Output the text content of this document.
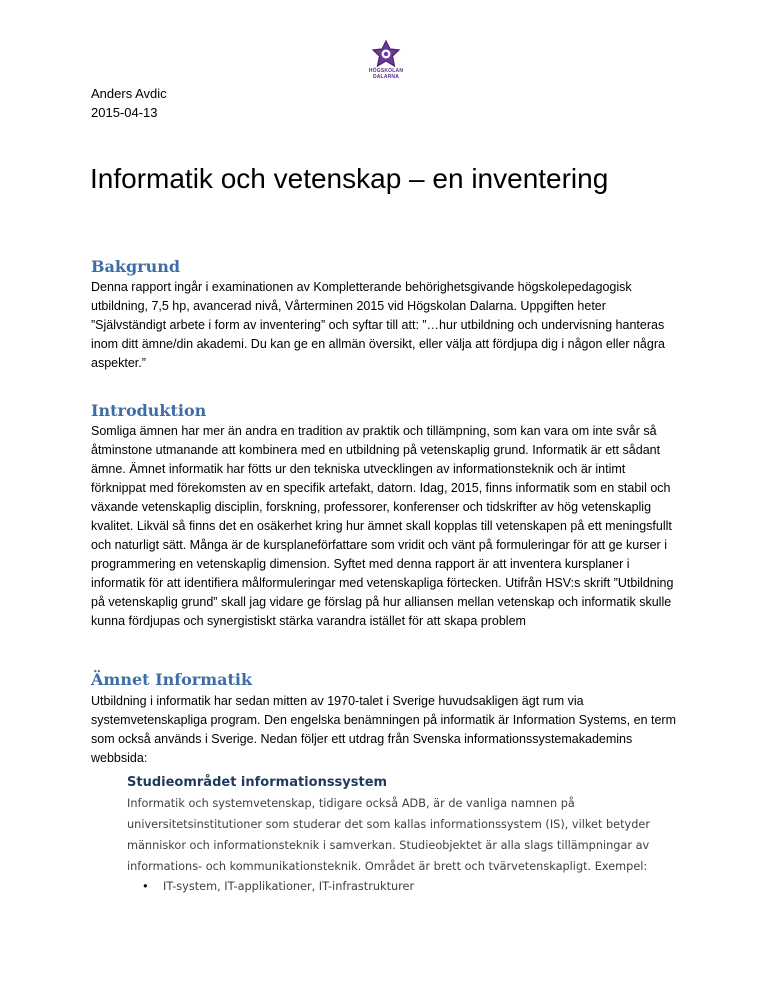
HÖGSKOLAN
DALARNA
Anders Avdic
2015-04-13
Informatik och vetenskap – en inventering
Bakgrund

Denna rapport ingår i examinationen av Kompletterande behörighetsgivande högskolepedagogisk utbildning, 7,5 hp, avancerad nivå, Vårterminen 2015 vid Högskolan Dalarna. Uppgiften heter ”Självständigt arbete i form av inventering” och syftar till att: ”…hur utbildning och undervisning hanteras inom ditt ämne/din akademi. Du kan ge en allmän översikt, eller välja att fördjupa dig i någon eller några aspekter.”

Introduktion

Somliga ämnen har mer än andra en tradition av praktik och tillämpning, som kan vara om inte svår så åtminstone utmanande att kombinera med en utbildning på vetenskaplig grund. Informatik är ett sådant ämne. Ämnet informatik har fötts ur den tekniska utvecklingen av informationsteknik och är intimt förknippat med förekomsten av en specifik artefakt, datorn. Idag, 2015, finns informatik som en stabil och växande vetenskaplig disciplin, forskning, professorer, konferenser och tidskrifter av hög vetenskaplig kvalitet. Likväl så finns det en osäkerhet kring hur ämnet skall kopplas till vetenskapen på ett meningsfullt och naturligt sätt. Många är de kursplaneförfattare som vridit och vänt på formuleringar för att ge kurser i programmering en vetenskaplig dimension. Syftet med denna rapport är att inventera kursplaner i informatik för att identifiera målformuleringar med vetenskapliga förtecken. Utifrån HSV:s skrift ”Utbildning på vetenskaplig grund” skall jag vidare ge förslag på hur alliansen mellan vetenskap och informatik skulle kunna fördjupas och synergistiskt stärka varandra istället för att skapa problem

Ämnet Informatik

Utbildning i informatik har sedan mitten av 1970-talet i Sverige huvudsakligen ägt rum via systemvetenskapliga program. Den engelska benämningen på informatik är Information Systems, en term som också används i Sverige. Nedan följer ett utdrag från Svenska informationssystemakademins webbsida:

Studieområdet informationssystem

Informatik och systemvetenskap, tidigare också ADB, är de vanliga namnen på universitetsinstitutioner som studerar det som kallas informationssystem (IS), vilket betyder människor och informationsteknik i samverkan. Studieobjektet är alla slags tillämpningar av informations- och kommunikationsteknik. Området är brett och tvärvetenskapligt. Exempel:

• IT-system, IT-applikationer, IT-infrastrukturer
